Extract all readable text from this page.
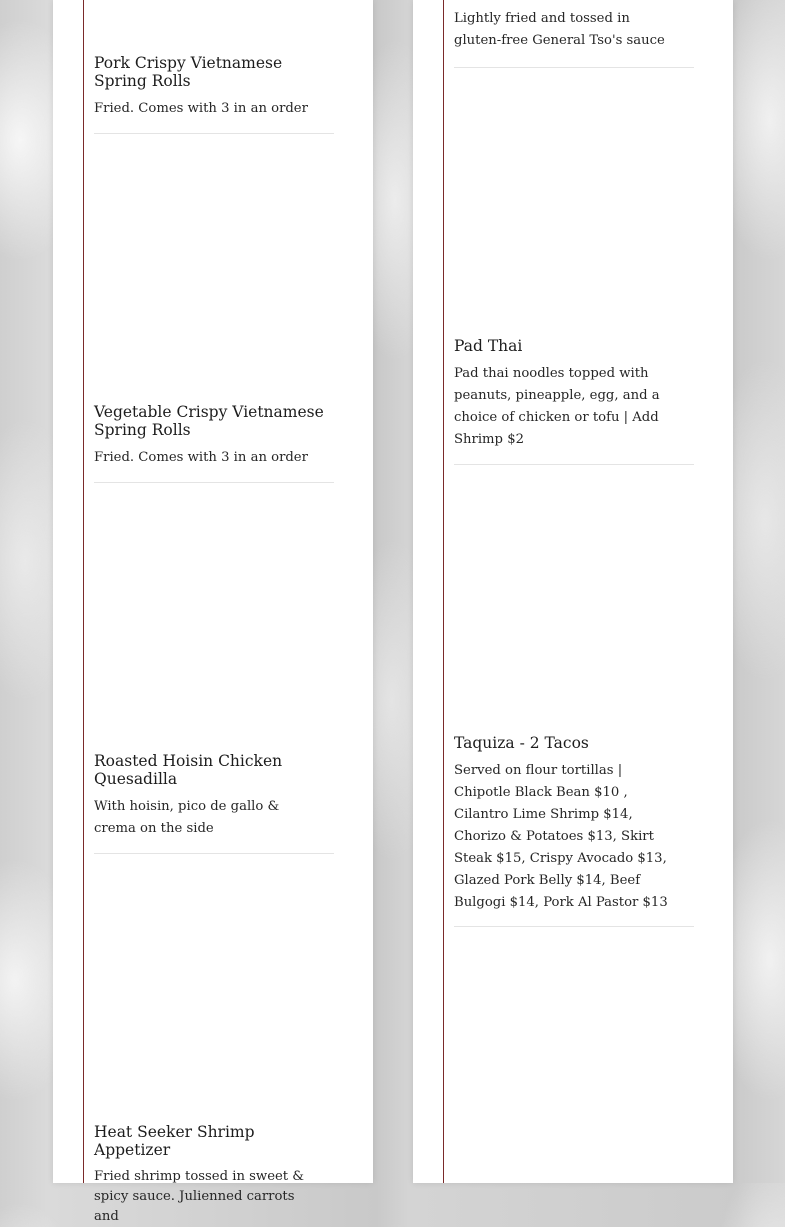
Pork Crispy Vietnamese Spring Rolls

Fried. Comes with 3 in an order

Vegetable Crispy Vietnamese Spring Rolls

Fried. Comes with 3 in an order

Roasted Hoisin Chicken Quesadilla

With hoisin, pico de gallo & crema on the side

Heat Seeker Shrimp Appetizer

Fried shrimp tossed in sweet & spicy sauce. Julienned carrots and

Lightly fried and tossed in gluten-free General Tso's sauce

Pad Thai

Pad thai noodles topped with peanuts, pineapple, egg, and a choice of chicken or tofu | Add Shrimp $2

Taquiza - 2 Tacos

Served on flour tortillas | Chipotle Black Bean $10 , Cilantro Lime Shrimp $14, Chorizo & Potatoes $13, Skirt Steak $15, Crispy Avocado $13, Glazed Pork Belly $14, Beef Bulgogi $14, Pork Al Pastor $13
